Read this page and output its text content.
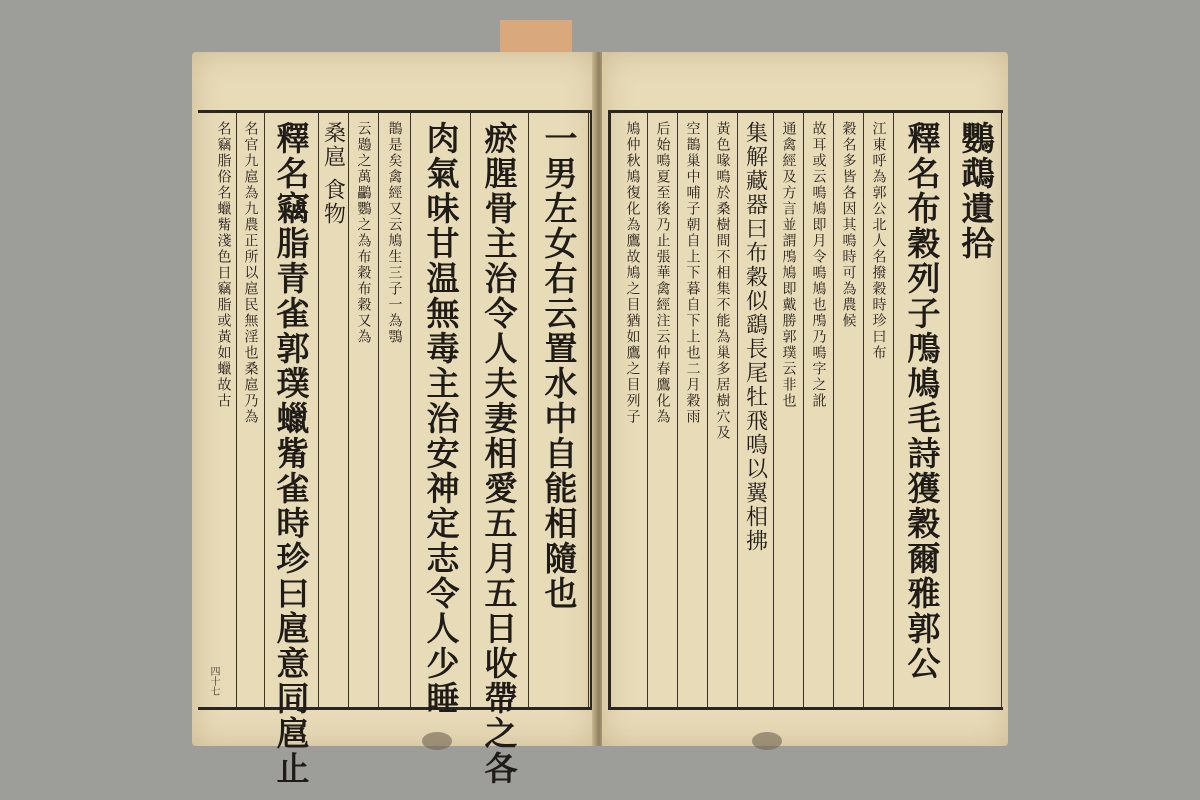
一男左女右云置水中自能相隨也
瘀腥骨主治令人夫妻相愛五月五日收帶之各
肉氣味甘温無毒主治安神定志令人少睡
鵲是矣禽經又云鳩生三子一為鶚
云鶗之萬鸓鸚之為布穀布穀又為
桑扈 食物
釋名竊脂青雀郭璞蠟觜雀時珍曰扈意同扈止
名官九扈為九農正所以扈民無淫也桑扈乃為
名竊脂俗名蠟觜淺色日竊脂或黃如蠟故古
四十七
鸚鵡遺拾
釋名布穀列子鳲鳩毛詩獲穀爾雅郭公
江東呼為郭公北人名撥穀時珍曰布
穀名多皆各因其鳴時可為農候
故耳或云鳴鳩即月令鳴鳩也鳲乃鳴字之訛
通禽經及方言並謂鳲鳩即戴勝郭璞云非也
集解藏器曰布穀似鷂長尾牡飛鳴以翼相拂
黃色喙鳴於桑樹間不相集不能為巢多居樹穴及
空鵲巢中哺子朝自上下暮自下上也二月穀雨
后始鳴夏至後乃止張華禽經注云仲春鷹化為
鳩仲秋鳩復化為鷹故鳩之目猶如鷹之目列子
